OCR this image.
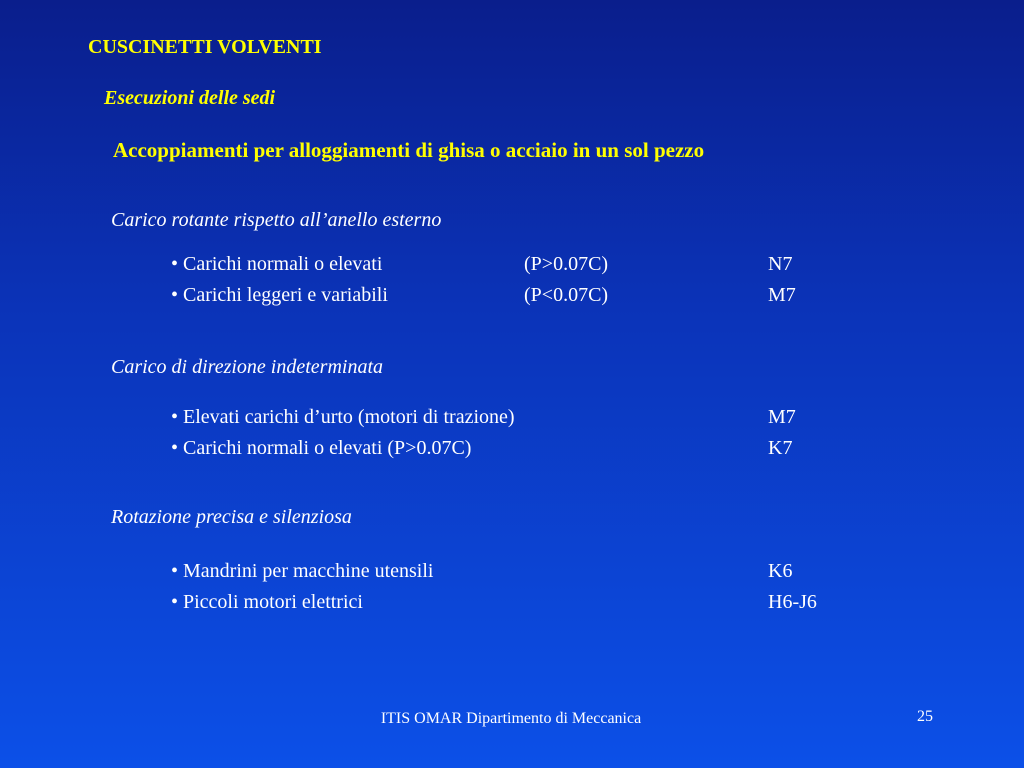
CUSCINETTI VOLVENTI
Esecuzioni delle sedi
Accoppiamenti per alloggiamenti di ghisa o acciaio in un sol pezzo
Carico rotante rispetto all’anello esterno
• Carichi normali o elevati	(P>0.07C)	N7
• Carichi leggeri e variabili	(P<0.07C)	M7
Carico di direzione indeterminata
• Elevati carichi d’urto (motori di trazione)	M7
• Carichi normali o elevati (P>0.07C)	K7
Rotazione precisa e silenziosa
• Mandrini per macchine utensili	K6
• Piccoli motori elettrici	H6-J6
ITIS OMAR Dipartimento di Meccanica	25
